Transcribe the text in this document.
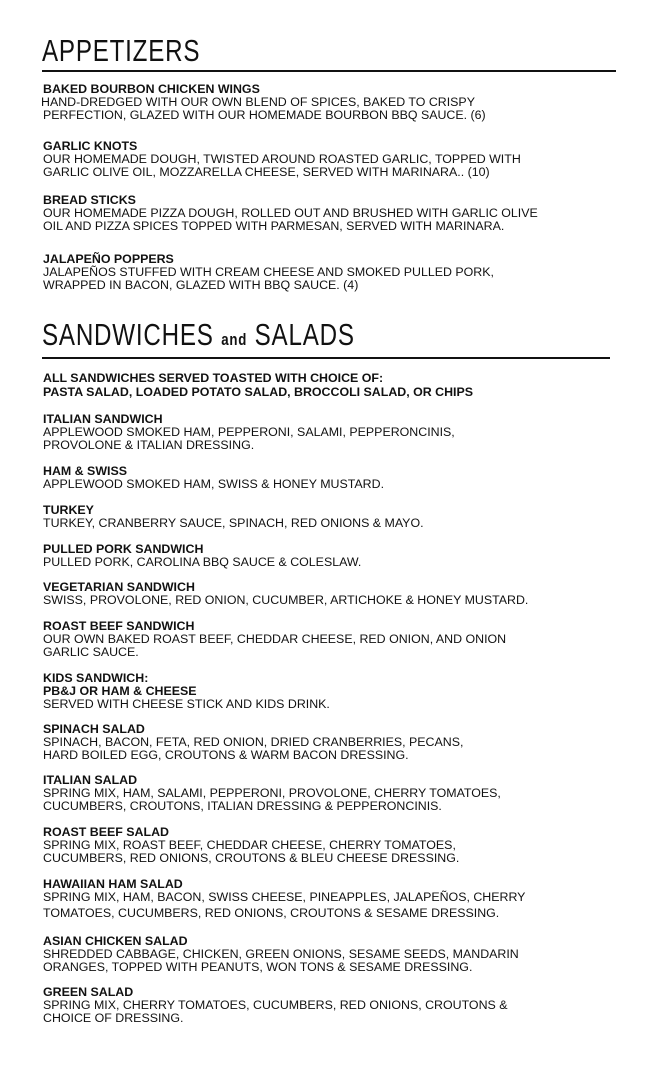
APPETIZERS
BAKED BOURBON CHICKEN WINGS
HAND-DREDGED WITH OUR OWN BLEND OF SPICES, BAKED TO CRISPY
PERFECTION, GLAZED WITH OUR HOMEMADE BOURBON BBQ SAUCE. (6)
GARLIC KNOTS
OUR HOMEMADE DOUGH, TWISTED AROUND ROASTED GARLIC, TOPPED WITH
GARLIC OLIVE OIL, MOZZARELLA CHEESE, SERVED WITH MARINARA.. (10)
BREAD STICKS
OUR HOMEMADE PIZZA DOUGH, ROLLED OUT AND BRUSHED WITH GARLIC OLIVE
OIL AND PIZZA SPICES TOPPED WITH PARMESAN, SERVED WITH MARINARA.
JALAPEÑO POPPERS
JALAPEÑOS STUFFED WITH CREAM CHEESE AND SMOKED PULLED PORK,
WRAPPED IN BACON, GLAZED WITH BBQ SAUCE. (4)
SANDWICHES and SALADS
ALL SANDWICHES SERVED TOASTED WITH CHOICE OF:
PASTA SALAD, LOADED POTATO SALAD, BROCCOLI SALAD, OR CHIPS
ITALIAN SANDWICH
APPLEWOOD SMOKED HAM, PEPPERONI, SALAMI, PEPPERONCINIS,
PROVOLONE & ITALIAN DRESSING.
HAM & SWISS
APPLEWOOD SMOKED HAM, SWISS & HONEY MUSTARD.
TURKEY
TURKEY, CRANBERRY SAUCE, SPINACH, RED ONIONS & MAYO.
PULLED PORK SANDWICH
PULLED PORK, CAROLINA BBQ SAUCE & COLESLAW.
VEGETARIAN SANDWICH
SWISS, PROVOLONE, RED ONION, CUCUMBER, ARTICHOKE & HONEY MUSTARD.
ROAST BEEF SANDWICH
OUR OWN BAKED ROAST BEEF, CHEDDAR CHEESE, RED ONION, AND ONION
GARLIC SAUCE.
KIDS SANDWICH:
PB&J OR HAM & CHEESE
SERVED WITH CHEESE STICK AND KIDS DRINK.
SPINACH SALAD
SPINACH, BACON, FETA, RED ONION, DRIED CRANBERRIES, PECANS,
HARD BOILED EGG, CROUTONS & WARM BACON DRESSING.
ITALIAN SALAD
SPRING MIX, HAM, SALAMI, PEPPERONI, PROVOLONE, CHERRY TOMATOES,
CUCUMBERS, CROUTONS, ITALIAN DRESSING & PEPPERONCINIS.
ROAST BEEF SALAD
SPRING MIX, ROAST BEEF, CHEDDAR CHEESE, CHERRY TOMATOES,
CUCUMBERS, RED ONIONS, CROUTONS & BLEU CHEESE DRESSING.
HAWAIIAN HAM SALAD
SPRING MIX, HAM, BACON, SWISS CHEESE, PINEAPPLES, JALAPEÑOS, CHERRY
TOMATOES, CUCUMBERS, RED ONIONS, CROUTONS & SESAME DRESSING.
ASIAN CHICKEN SALAD
SHREDDED CABBAGE, CHICKEN, GREEN ONIONS, SESAME SEEDS, MANDARIN
ORANGES, TOPPED WITH PEANUTS, WON TONS & SESAME DRESSING.
GREEN SALAD
SPRING MIX, CHERRY TOMATOES, CUCUMBERS, RED ONIONS, CROUTONS &
CHOICE OF DRESSING.
